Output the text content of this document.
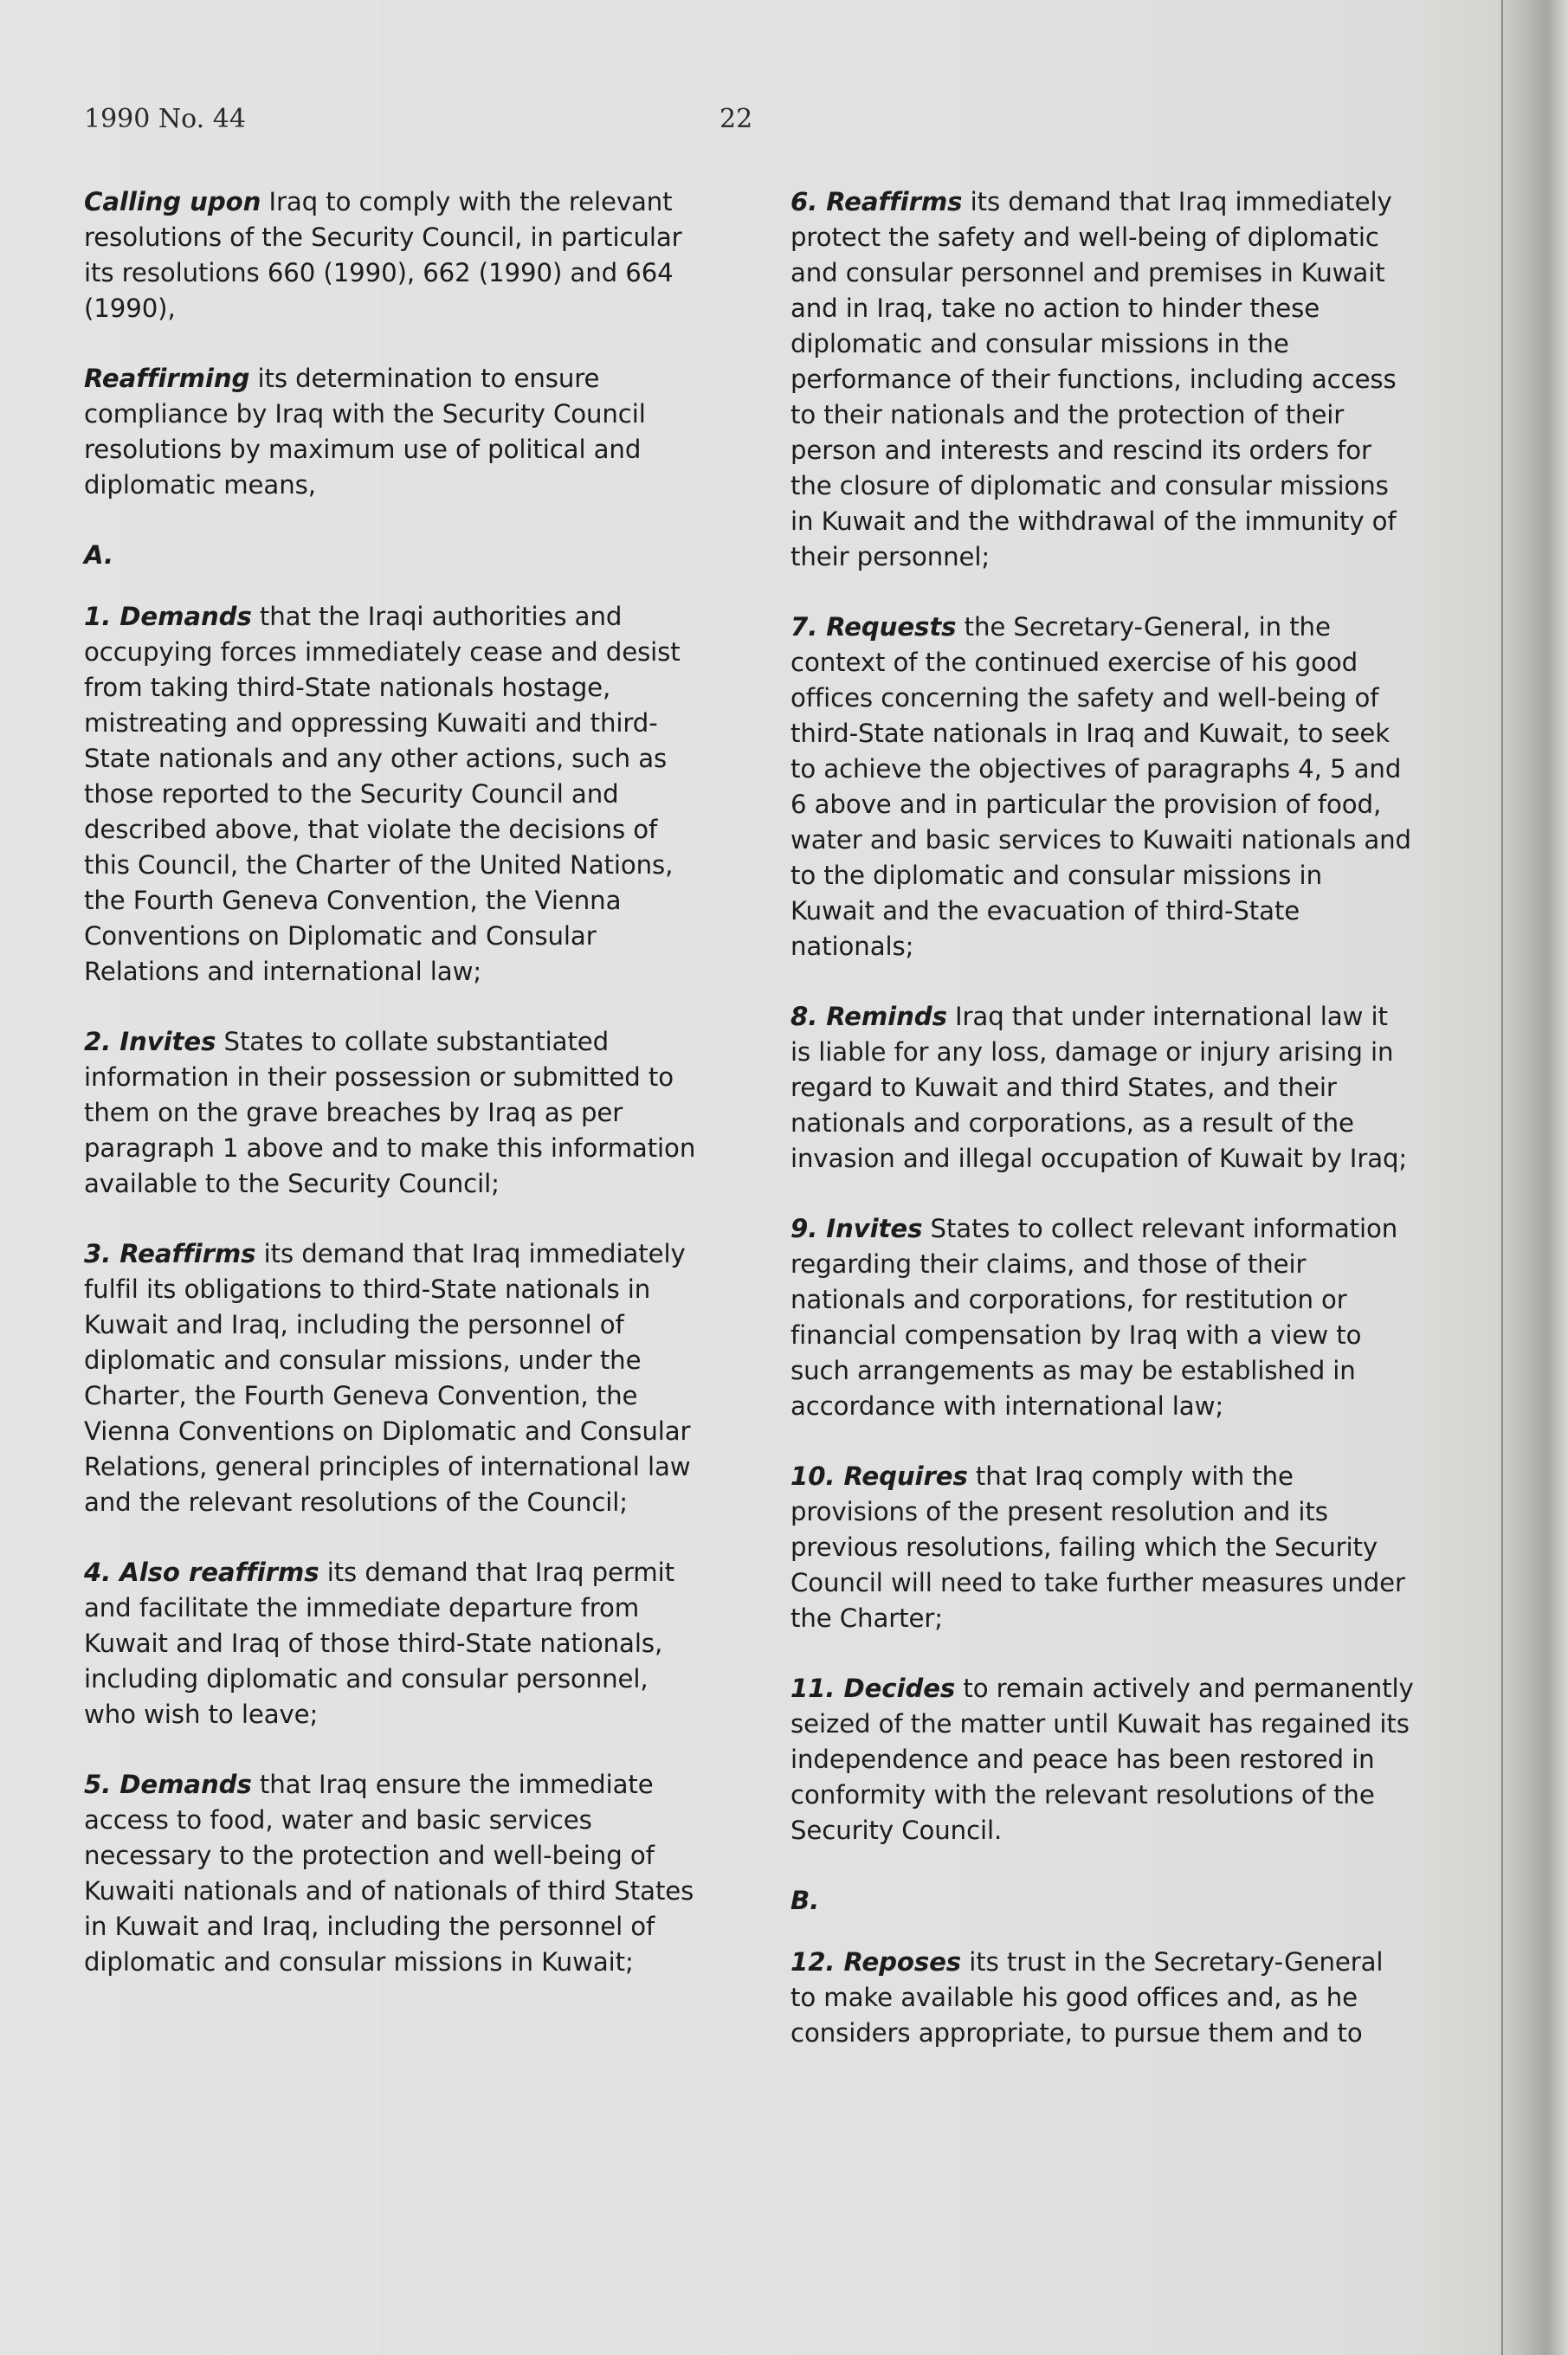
1990 No. 44	22

Calling upon Iraq to comply with the relevant resolutions of the Security Council, in particular its resolutions 660 (1990), 662 (1990) and 664 (1990),

Reaffirming its determination to ensure compliance by Iraq with the Security Council resolutions by maximum use of political and diplomatic means,

A.

1. Demands that the Iraqi authorities and occupying forces immediately cease and desist from taking third-State nationals hostage, mistreating and oppressing Kuwaiti and third-State nationals and any other actions, such as those reported to the Security Council and described above, that violate the decisions of this Council, the Charter of the United Nations, the Fourth Geneva Convention, the Vienna Conventions on Diplomatic and Consular Relations and international law;

2. Invites States to collate substantiated information in their possession or submitted to them on the grave breaches by Iraq as per paragraph 1 above and to make this information available to the Security Council;

3. Reaffirms its demand that Iraq immediately fulfil its obligations to third-State nationals in Kuwait and Iraq, including the personnel of diplomatic and consular missions, under the Charter, the Fourth Geneva Convention, the Vienna Conventions on Diplomatic and Consular Relations, general principles of international law and the relevant resolutions of the Council;

4. Also reaffirms its demand that Iraq permit and facilitate the immediate departure from Kuwait and Iraq of those third-State nationals, including diplomatic and consular personnel, who wish to leave;

5. Demands that Iraq ensure the immediate access to food, water and basic services necessary to the protection and well-being of Kuwaiti nationals and of nationals of third States in Kuwait and Iraq, including the personnel of diplomatic and consular missions in Kuwait;

6. Reaffirms its demand that Iraq immediately protect the safety and well-being of diplomatic and consular personnel and premises in Kuwait and in Iraq, take no action to hinder these diplomatic and consular missions in the performance of their functions, including access to their nationals and the protection of their person and interests and rescind its orders for the closure of diplomatic and consular missions in Kuwait and the withdrawal of the immunity of their personnel;

7. Requests the Secretary-General, in the context of the continued exercise of his good offices concerning the safety and well-being of third-State nationals in Iraq and Kuwait, to seek to achieve the objectives of paragraphs 4, 5 and 6 above and in particular the provision of food, water and basic services to Kuwaiti nationals and to the diplomatic and consular missions in Kuwait and the evacuation of third-State nationals;

8. Reminds Iraq that under international law it is liable for any loss, damage or injury arising in regard to Kuwait and third States, and their nationals and corporations, as a result of the invasion and illegal occupation of Kuwait by Iraq;

9. Invites States to collect relevant information regarding their claims, and those of their nationals and corporations, for restitution or financial compensation by Iraq with a view to such arrangements as may be established in accordance with international law;

10. Requires that Iraq comply with the provisions of the present resolution and its previous resolutions, failing which the Security Council will need to take further measures under the Charter;

11. Decides to remain actively and permanently seized of the matter until Kuwait has regained its independence and peace has been restored in conformity with the relevant resolutions of the Security Council.

B.

12. Reposes its trust in the Secretary-General to make available his good offices and, as he considers appropriate, to pursue them and to
